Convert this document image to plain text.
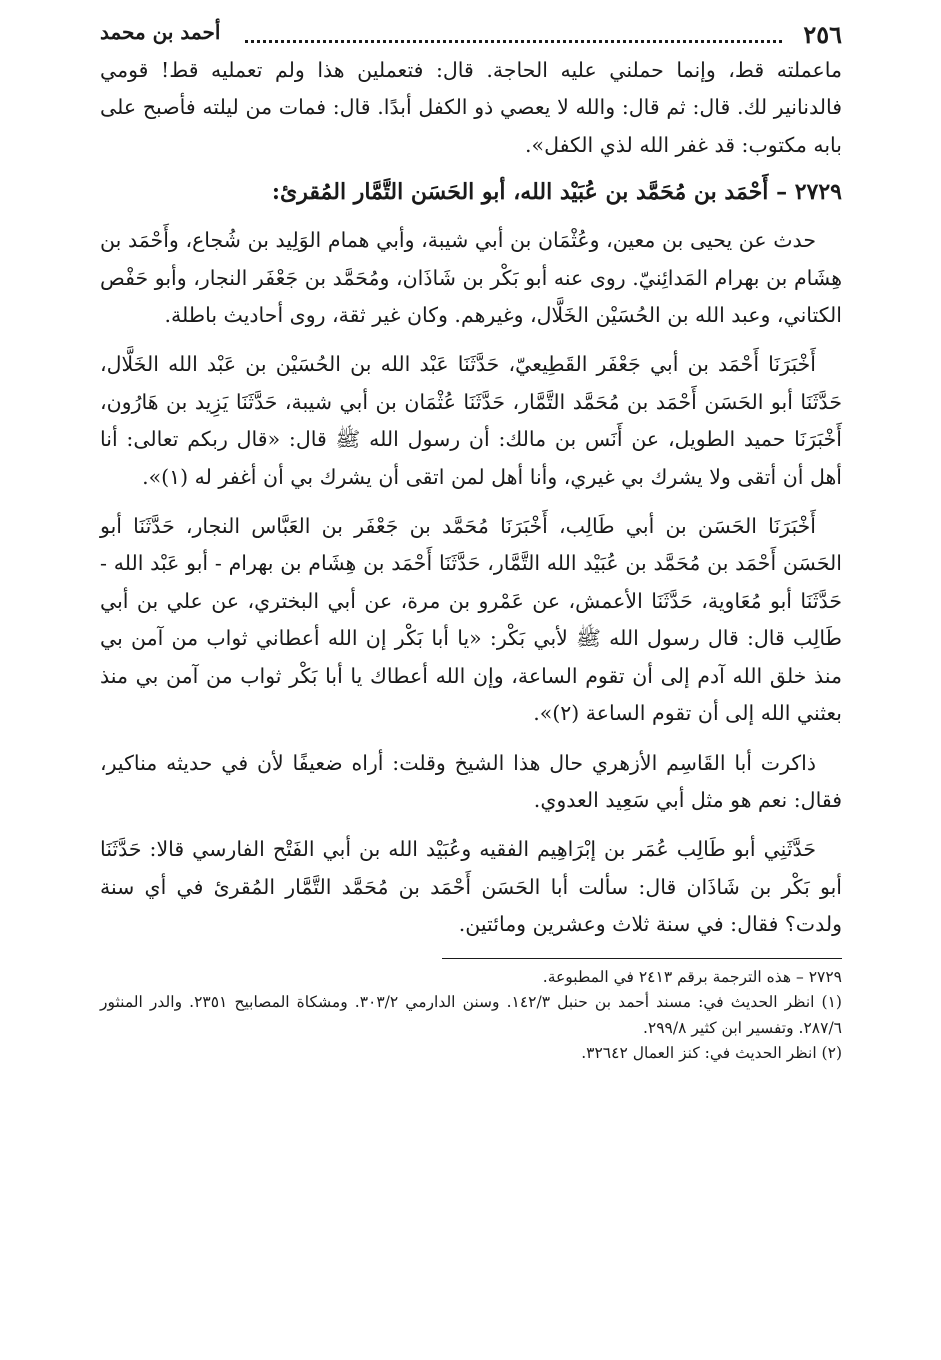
٢٥٦
أحمد بن محمد

ماعملته قط، وإنما حملني عليه الحاجة. قال: فتعملين هذا ولم تعمليه قط! قومي فالدنانير لك. قال: ثم قال: والله لا يعصي ذو الكفل أبدًا. قال: فمات من ليلته فأصبح على بابه مكتوب: قد غفر الله لذي الكفل».

٢٧٢٩ – أَحْمَد بن مُحَمَّد بن عُبَيْد الله، أبو الحَسَن التَّمَّار المُقرئ:

حدث عن يحيى بن معين، وعُثْمَان بن أبي شيبة، وأبي همام الوَلِيد بن شُجاع، وأَحْمَد بن هِشَام بن بهرام المَدائِنيّ. روى عنه أبو بَكْر بن شَاذَان، ومُحَمَّد بن جَعْفَر النجار، وأبو حَفْص الكتاني، وعبد الله بن الحُسَيْن الخَلَّال، وغيرهم. وكان غير ثقة، روى أحاديث باطلة.

أَخْبَرَنَا أَحْمَد بن أبي جَعْفَر القَطِيعيّ، حَدَّثَنَا عَبْد الله بن الحُسَيْن بن عَبْد الله الخَلَّال، حَدَّثَنَا أبو الحَسَن أَحْمَد بن مُحَمَّد التَّمَّار، حَدَّثَنَا عُثْمَان بن أبي شيبة، حَدَّثَنَا يَزِيد بن هَارُون، أَخْبَرَنَا حميد الطويل، عن أَنَس بن مالك: أن رسول الله ﷺ قال: «قال ربكم تعالى: أنا أهل أن أتقى ولا يشرك بي غيري، وأنا أهل لمن اتقى أن يشرك بي أن أغفر له (١)».

أَخْبَرَنَا الحَسَن بن أبي طَالِب، أَخْبَرَنَا مُحَمَّد بن جَعْفَر بن العَبَّاس النجار، حَدَّثَنَا أبو الحَسَن أَحْمَد بن مُحَمَّد بن عُبَيْد الله التَّمَّار، حَدَّثَنَا أَحْمَد بن هِشَام بن بهرام - أبو عَبْد الله - حَدَّثَنَا أبو مُعَاوية، حَدَّثَنَا الأعمش، عن عَمْرو بن مرة، عن أبي البختري، عن علي بن أبي طَالِب قال: قال رسول الله ﷺ لأبي بَكْر: «يا أبا بَكْر إن الله أعطاني ثواب من آمن بي منذ خلق الله آدم إلى أن تقوم الساعة، وإن الله أعطاك يا أبا بَكْر ثواب من آمن بي منذ بعثني الله إلى أن تقوم الساعة (٢)».

ذاكرت أبا القَاسِم الأزهري حال هذا الشيخ وقلت: أراه ضعيفًا لأن في حديثه مناكير، فقال: نعم هو مثل أبي سَعِيد العدوي.

حَدَّثَنِي أبو طَالِب عُمَر بن إبْرَاهِيم الفقيه وعُبَيْد الله بن أبي الفَتْح الفارسي قالا: حَدَّثَنَا أبو بَكْر بن شَاذَان قال: سألت أبا الحَسَن أَحْمَد بن مُحَمَّد التَّمَّار المُقرئ في أي سنة ولدت؟ فقال: في سنة ثلاث وعشرين ومائتين.

٢٧٢٩ – هذه الترجمة برقم ٢٤١٣ في المطبوعة.

(١) انظر الحديث في: مسند أحمد بن حنبل ١٤٢/٣. وسنن الدارمي ٣٠٣/٢. ومشكاة المصابيح ٢٣٥١. والدر المنثور ٢٨٧/٦. وتفسير ابن كثير ٢٩٩/٨.

(٢) انظر الحديث في: كنز العمال ٣٢٦٤٢.
